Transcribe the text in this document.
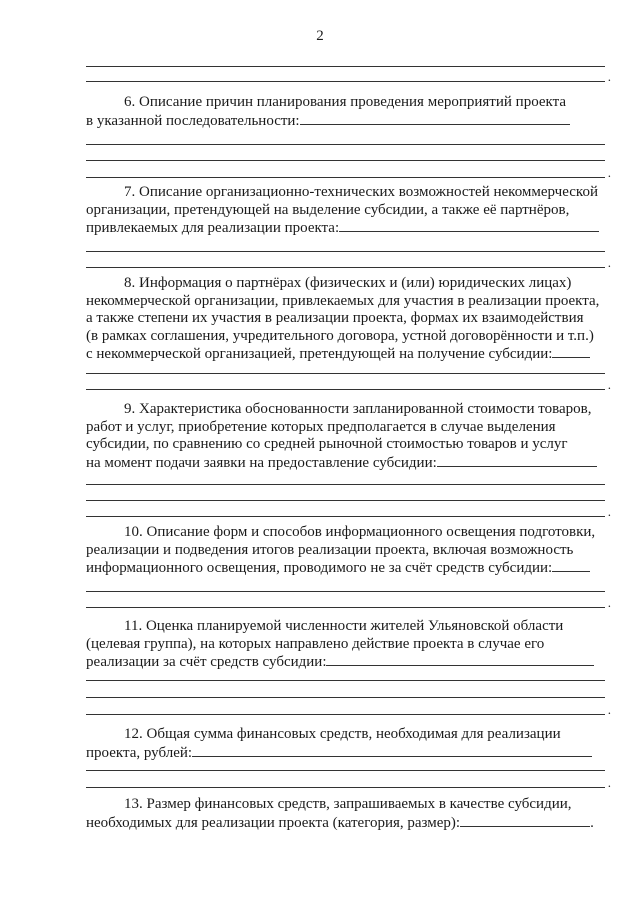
2
.
6. Описание причин планирования проведения мероприятий проекта
в указанной последовательности:
.
7. Описание организационно-технических возможностей некоммерческой
организации, претендующей на выделение субсидии, а также её партнёров,
привлекаемых для реализации проекта:
.
8. Информация о партнёрах (физических и (или) юридических лицах)
некоммерческой организации, привлекаемых для участия в реализации проекта,
а также степени их участия в реализации проекта, формах их взаимодействия
(в рамках соглашения, учредительного договора, устной договорённости и т.п.)
с некоммерческой организацией, претендующей на получение субсидии:
.
9. Характеристика обоснованности запланированной стоимости товаров,
работ и услуг, приобретение которых предполагается в случае выделения
субсидии, по сравнению со средней рыночной стоимостью товаров и услуг
на момент подачи заявки на предоставление субсидии:
.
10. Описание форм и способов информационного освещения подготовки,
реализации и подведения итогов реализации проекта, включая возможность
информационного освещения, проводимого не за счёт средств субсидии:
.
11. Оценка планируемой численности жителей Ульяновской области
(целевая группа), на которых направлено действие проекта в случае его
реализации за счёт средств субсидии:
.
12. Общая сумма финансовых средств, необходимая для реализации
проекта, рублей:
.
13. Размер финансовых средств, запрашиваемых в качестве субсидии,
необходимых для реализации проекта (категория, размер):	.
